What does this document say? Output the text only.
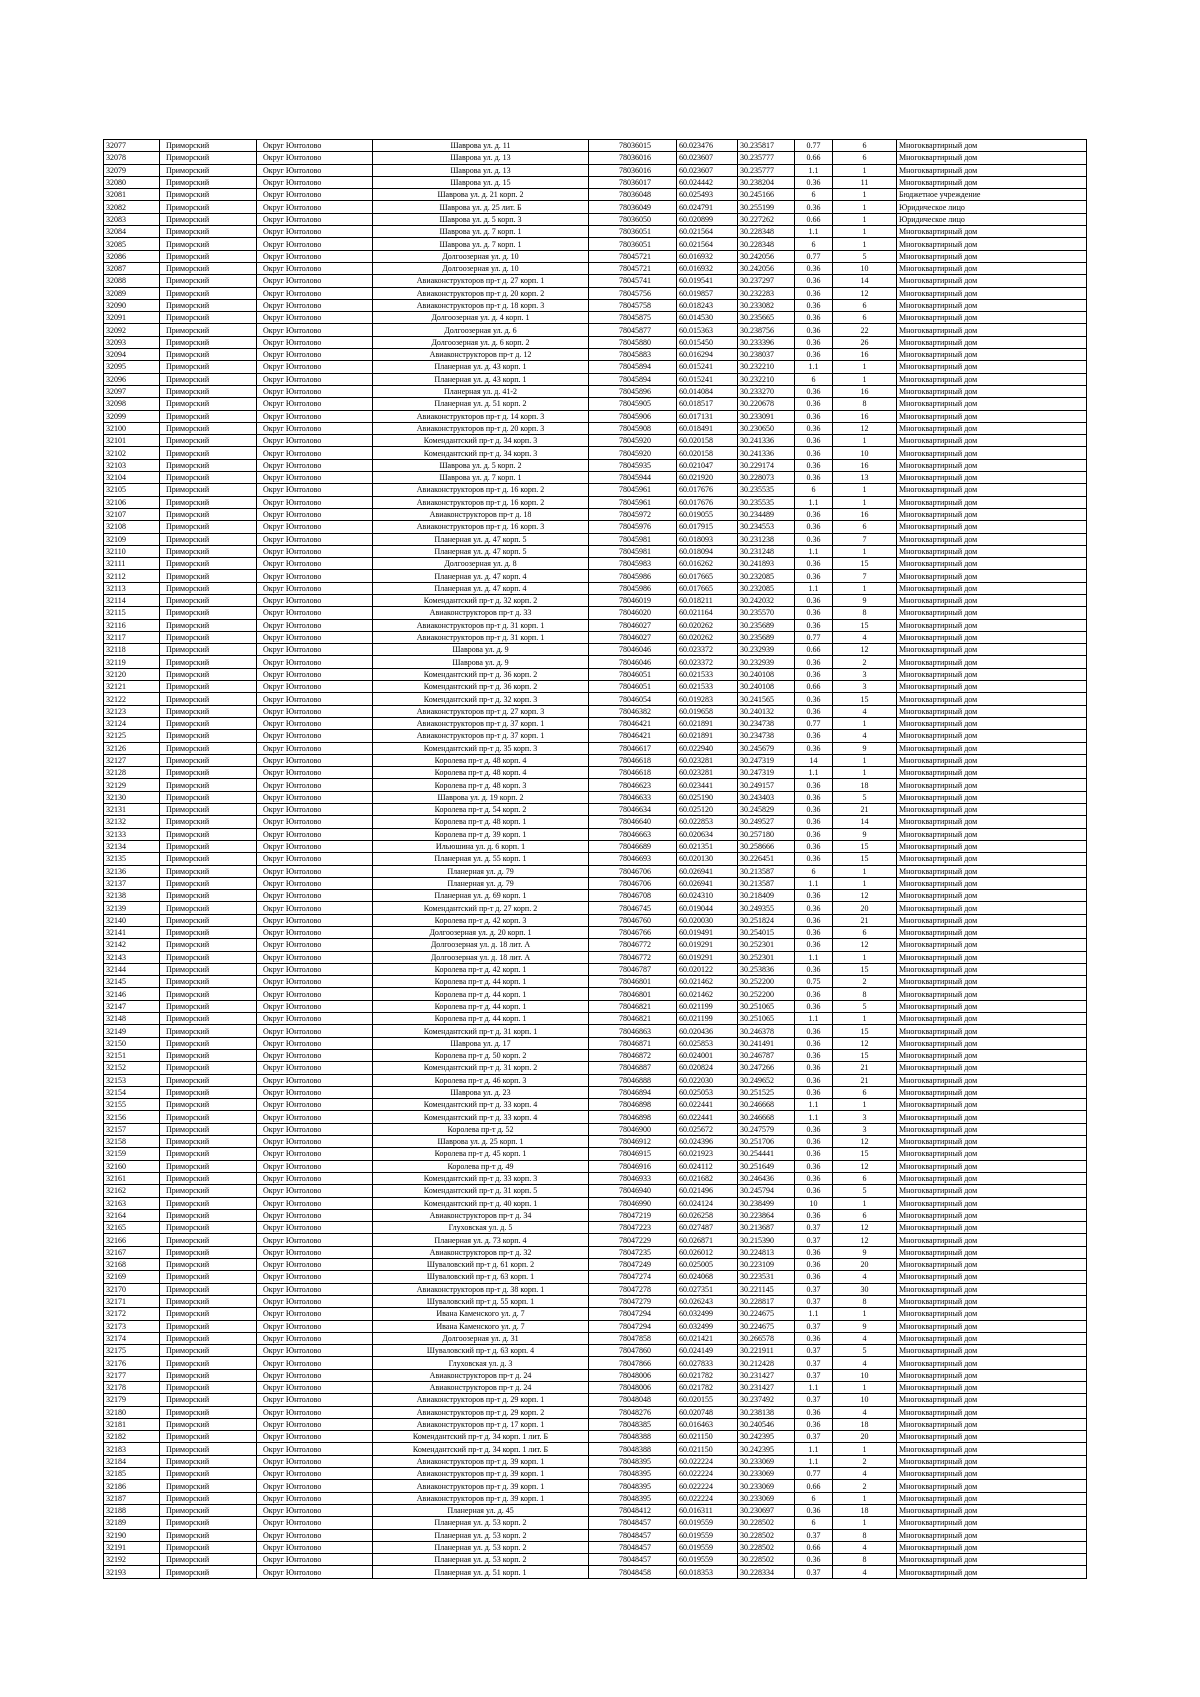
32077	Приморский	Округ Юнтолово	Шаврова ул. д. 11	78036015	60.023476	30.235817	0.77	6	Многоквартирный дом
32078	Приморский	Округ Юнтолово	Шаврова ул. д. 13	78036016	60.023607	30.235777	0.66	6	Многоквартирный дом
32079	Приморский	Округ Юнтолово	Шаврова ул. д. 13	78036016	60.023607	30.235777	1.1	1	Многоквартирный дом
32080	Приморский	Округ Юнтолово	Шаврова ул. д. 15	78036017	60.024442	30.238204	0.36	11	Многоквартирный дом
32081	Приморский	Округ Юнтолово	Шаврова ул. д. 21 корп. 2	78036048	60.025493	30.245166	6	1	Бюджетное учреждение
32082	Приморский	Округ Юнтолово	Шаврова ул. д. 25 лит. Б	78036049	60.024791	30.255199	0.36	1	Юридическое лицо
32083	Приморский	Округ Юнтолово	Шаврова ул. д. 5 корп. 3	78036050	60.020899	30.227262	0.66	1	Юридическое лицо
32084	Приморский	Округ Юнтолово	Шаврова ул. д. 7 корп. 1	78036051	60.021564	30.228348	1.1	1	Многоквартирный дом
32085	Приморский	Округ Юнтолово	Шаврова ул. д. 7 корп. 1	78036051	60.021564	30.228348	6	1	Многоквартирный дом
32086	Приморский	Округ Юнтолово	Долгоозерная ул. д. 10	78045721	60.016932	30.242056	0.77	5	Многоквартирный дом
32087	Приморский	Округ Юнтолово	Долгоозерная ул. д. 10	78045721	60.016932	30.242056	0.36	10	Многоквартирный дом
32088	Приморский	Округ Юнтолово	Авиаконструкторов пр-т д. 27 корп. 1	78045741	60.019541	30.237297	0.36	14	Многоквартирный дом
32089	Приморский	Округ Юнтолово	Авиаконструкторов пр-т д. 20 корп. 2	78045756	60.019857	30.232283	0.36	12	Многоквартирный дом
32090	Приморский	Округ Юнтолово	Авиаконструкторов пр-т д. 18 корп. 3	78045758	60.018243	30.233082	0.36	6	Многоквартирный дом
32091	Приморский	Округ Юнтолово	Долгоозерная ул. д. 4 корп. 1	78045875	60.014530	30.235665	0.36	6	Многоквартирный дом
32092	Приморский	Округ Юнтолово	Долгоозерная ул. д. 6	78045877	60.015363	30.238756	0.36	22	Многоквартирный дом
32093	Приморский	Округ Юнтолово	Долгоозерная ул. д. 6 корп. 2	78045880	60.015450	30.233396	0.36	26	Многоквартирный дом
32094	Приморский	Округ Юнтолово	Авиаконструкторов пр-т д. 12	78045883	60.016294	30.238037	0.36	16	Многоквартирный дом
32095	Приморский	Округ Юнтолово	Планерная ул. д. 43 корп. 1	78045894	60.015241	30.232210	1.1	1	Многоквартирный дом
32096	Приморский	Округ Юнтолово	Планерная ул. д. 43 корп. 1	78045894	60.015241	30.232210	6	1	Многоквартирный дом
32097	Приморский	Округ Юнтолово	Планерная ул. д. 41-2	78045896	60.014084	30.233270	0.36	16	Многоквартирный дом
32098	Приморский	Округ Юнтолово	Планерная ул. д. 51 корп. 2	78045905	60.018517	30.220678	0.36	8	Многоквартирный дом
32099	Приморский	Округ Юнтолово	Авиаконструкторов пр-т д. 14 корп. 3	78045906	60.017131	30.233091	0.36	16	Многоквартирный дом
32100	Приморский	Округ Юнтолово	Авиаконструкторов пр-т д. 20 корп. 3	78045908	60.018491	30.230650	0.36	12	Многоквартирный дом
32101	Приморский	Округ Юнтолово	Комендантский пр-т д. 34 корп. 3	78045920	60.020158	30.241336	0.36	1	Многоквартирный дом
32102	Приморский	Округ Юнтолово	Комендантский пр-т д. 34 корп. 3	78045920	60.020158	30.241336	0.36	10	Многоквартирный дом
32103	Приморский	Округ Юнтолово	Шаврова ул. д. 5 корп. 2	78045935	60.021047	30.229174	0.36	16	Многоквартирный дом
32104	Приморский	Округ Юнтолово	Шаврова ул. д. 7 корп. 1	78045944	60.021920	30.228073	0.36	13	Многоквартирный дом
32105	Приморский	Округ Юнтолово	Авиаконструкторов пр-т д. 16 корп. 2	78045961	60.017676	30.235535	6	1	Многоквартирный дом
32106	Приморский	Округ Юнтолово	Авиаконструкторов пр-т д. 16 корп. 2	78045961	60.017676	30.235535	1.1	1	Многоквартирный дом
32107	Приморский	Округ Юнтолово	Авиаконструкторов пр-т д. 18	78045972	60.019055	30.234489	0.36	16	Многоквартирный дом
32108	Приморский	Округ Юнтолово	Авиаконструкторов пр-т д. 16 корп. 3	78045976	60.017915	30.234553	0.36	6	Многоквартирный дом
32109	Приморский	Округ Юнтолово	Планерная ул. д. 47 корп. 5	78045981	60.018093	30.231238	0.36	7	Многоквартирный дом
32110	Приморский	Округ Юнтолово	Планерная ул. д. 47 корп. 5	78045981	60.018094	30.231248	1.1	1	Многоквартирный дом
32111	Приморский	Округ Юнтолово	Долгоозерная ул. д. 8	78045983	60.016262	30.241893	0.36	15	Многоквартирный дом
32112	Приморский	Округ Юнтолово	Планерная ул. д. 47 корп. 4	78045986	60.017665	30.232085	0.36	7	Многоквартирный дом
32113	Приморский	Округ Юнтолово	Планерная ул. д. 47 корп. 4	78045986	60.017665	30.232085	1.1	1	Многоквартирный дом
32114	Приморский	Округ Юнтолово	Комендантский пр-т д. 32 корп. 2	78046019	60.018211	30.242032	0.36	9	Многоквартирный дом
32115	Приморский	Округ Юнтолово	Авиаконструкторов пр-т д. 33	78046020	60.021164	30.235570	0.36	8	Многоквартирный дом
32116	Приморский	Округ Юнтолово	Авиаконструкторов пр-т д. 31 корп. 1	78046027	60.020262	30.235689	0.36	15	Многоквартирный дом
32117	Приморский	Округ Юнтолово	Авиаконструкторов пр-т д. 31 корп. 1	78046027	60.020262	30.235689	0.77	4	Многоквартирный дом
32118	Приморский	Округ Юнтолово	Шаврова ул. д. 9	78046046	60.023372	30.232939	0.66	12	Многоквартирный дом
32119	Приморский	Округ Юнтолово	Шаврова ул. д. 9	78046046	60.023372	30.232939	0.36	2	Многоквартирный дом
32120	Приморский	Округ Юнтолово	Комендантский пр-т д. 36 корп. 2	78046051	60.021533	30.240108	0.36	3	Многоквартирный дом
32121	Приморский	Округ Юнтолово	Комендантский пр-т д. 36 корп. 2	78046051	60.021533	30.240108	0.66	3	Многоквартирный дом
32122	Приморский	Округ Юнтолово	Комендантский пр-т д. 32 корп. 3	78046054	60.019283	30.241565	0.36	15	Многоквартирный дом
32123	Приморский	Округ Юнтолово	Авиаконструкторов пр-т д. 27 корп. 3	78046382	60.019658	30.240132	0.36	4	Многоквартирный дом
32124	Приморский	Округ Юнтолово	Авиаконструкторов пр-т д. 37 корп. 1	78046421	60.021891	30.234738	0.77	1	Многоквартирный дом
32125	Приморский	Округ Юнтолово	Авиаконструкторов пр-т д. 37 корп. 1	78046421	60.021891	30.234738	0.36	4	Многоквартирный дом
32126	Приморский	Округ Юнтолово	Комендантский пр-т д. 35 корп. 3	78046617	60.022940	30.245679	0.36	9	Многоквартирный дом
32127	Приморский	Округ Юнтолово	Королева пр-т д. 48 корп. 4	78046618	60.023281	30.247319	14	1	Многоквартирный дом
32128	Приморский	Округ Юнтолово	Королева пр-т д. 48 корп. 4	78046618	60.023281	30.247319	1.1	1	Многоквартирный дом
32129	Приморский	Округ Юнтолово	Королева пр-т д. 48 корп. 3	78046623	60.023441	30.249157	0.36	18	Многоквартирный дом
32130	Приморский	Округ Юнтолово	Шаврова ул. д. 19 корп. 2	78046633	60.025190	30.243403	0.36	5	Многоквартирный дом
32131	Приморский	Округ Юнтолово	Королева пр-т д. 54 корп. 2	78046634	60.025120	30.245829	0.36	21	Многоквартирный дом
32132	Приморский	Округ Юнтолово	Королева пр-т д. 48 корп. 1	78046640	60.022853	30.249527	0.36	14	Многоквартирный дом
32133	Приморский	Округ Юнтолово	Королева пр-т д. 39 корп. 1	78046663	60.020634	30.257180	0.36	9	Многоквартирный дом
32134	Приморский	Округ Юнтолово	Ильюшина ул. д. 6 корп. 1	78046689	60.021351	30.258666	0.36	15	Многоквартирный дом
32135	Приморский	Округ Юнтолово	Планерная ул. д. 55 корп. 1	78046693	60.020130	30.226451	0.36	15	Многоквартирный дом
32136	Приморский	Округ Юнтолово	Планерная ул. д. 79	78046706	60.026941	30.213587	6	1	Многоквартирный дом
32137	Приморский	Округ Юнтолово	Планерная ул. д. 79	78046706	60.026941	30.213587	1.1	1	Многоквартирный дом
32138	Приморский	Округ Юнтолово	Планерная ул. д. 69 корп. 1	78046708	60.024310	30.218409	0.36	12	Многоквартирный дом
32139	Приморский	Округ Юнтолово	Комендантский пр-т д. 27 корп. 2	78046745	60.019044	30.249355	0.36	20	Многоквартирный дом
32140	Приморский	Округ Юнтолово	Королева пр-т д. 42 корп. 3	78046760	60.020030	30.251824	0.36	21	Многоквартирный дом
32141	Приморский	Округ Юнтолово	Долгоозерная ул. д. 20 корп. 1	78046766	60.019491	30.254015	0.36	6	Многоквартирный дом
32142	Приморский	Округ Юнтолово	Долгоозерная ул. д. 18 лит. А	78046772	60.019291	30.252301	0.36	12	Многоквартирный дом
32143	Приморский	Округ Юнтолово	Долгоозерная ул. д. 18 лит. А	78046772	60.019291	30.252301	1.1	1	Многоквартирный дом
32144	Приморский	Округ Юнтолово	Королева пр-т д. 42 корп. 1	78046787	60.020122	30.253836	0.36	15	Многоквартирный дом
32145	Приморский	Округ Юнтолово	Королева пр-т д. 44 корп. 1	78046801	60.021462	30.252200	0.75	2	Многоквартирный дом
32146	Приморский	Округ Юнтолово	Королева пр-т д. 44 корп. 1	78046801	60.021462	30.252200	0.36	8	Многоквартирный дом
32147	Приморский	Округ Юнтолово	Королева пр-т д. 44 корп. 1	78046821	60.021199	30.251065	0.36	5	Многоквартирный дом
32148	Приморский	Округ Юнтолово	Королева пр-т д. 44 корп. 1	78046821	60.021199	30.251065	1.1	1	Многоквартирный дом
32149	Приморский	Округ Юнтолово	Комендантский пр-т д. 31 корп. 1	78046863	60.020436	30.246378	0.36	15	Многоквартирный дом
32150	Приморский	Округ Юнтолово	Шаврова ул. д. 17	78046871	60.025853	30.241491	0.36	12	Многоквартирный дом
32151	Приморский	Округ Юнтолово	Королева пр-т д. 50 корп. 2	78046872	60.024001	30.246787	0.36	15	Многоквартирный дом
32152	Приморский	Округ Юнтолово	Комендантский пр-т д. 31 корп. 2	78046887	60.020824	30.247266	0.36	21	Многоквартирный дом
32153	Приморский	Округ Юнтолово	Королева пр-т д. 46 корп. 3	78046888	60.022030	30.249652	0.36	21	Многоквартирный дом
32154	Приморский	Округ Юнтолово	Шаврова ул. д. 23	78046894	60.025053	30.251525	0.36	6	Многоквартирный дом
32155	Приморский	Округ Юнтолово	Комендантский пр-т д. 33 корп. 4	78046898	60.022441	30.246668	1.1	1	Многоквартирный дом
32156	Приморский	Округ Юнтолово	Комендантский пр-т д. 33 корп. 4	78046898	60.022441	30.246668	1.1	3	Многоквартирный дом
32157	Приморский	Округ Юнтолово	Королева пр-т д. 52	78046900	60.025672	30.247579	0.36	3	Многоквартирный дом
32158	Приморский	Округ Юнтолово	Шаврова ул. д. 25 корп. 1	78046912	60.024396	30.251706	0.36	12	Многоквартирный дом
32159	Приморский	Округ Юнтолово	Королева пр-т д. 45 корп. 1	78046915	60.021923	30.254441	0.36	15	Многоквартирный дом
32160	Приморский	Округ Юнтолово	Королева пр-т д. 49	78046916	60.024112	30.251649	0.36	12	Многоквартирный дом
32161	Приморский	Округ Юнтолово	Комендантский пр-т д. 33 корп. 3	78046933	60.021682	30.246436	0.36	6	Многоквартирный дом
32162	Приморский	Округ Юнтолово	Комендантский пр-т д. 31 корп. 5	78046940	60.021496	30.245794	0.36	5	Многоквартирный дом
32163	Приморский	Округ Юнтолово	Комендантский пр-т д. 40 корп. 1	78046990	60.024124	30.238499	10	1	Многоквартирный дом
32164	Приморский	Округ Юнтолово	Авиаконструкторов пр-т д. 34	78047219	60.026258	30.223864	0.36	6	Многоквартирный дом
32165	Приморский	Округ Юнтолово	Глуховская ул. д. 5	78047223	60.027487	30.213687	0.37	12	Многоквартирный дом
32166	Приморский	Округ Юнтолово	Планерная ул. д. 73 корп. 4	78047229	60.026871	30.215390	0.37	12	Многоквартирный дом
32167	Приморский	Округ Юнтолово	Авиаконструкторов пр-т д. 32	78047235	60.026012	30.224813	0.36	9	Многоквартирный дом
32168	Приморский	Округ Юнтолово	Шуваловский пр-т д. 61 корп. 2	78047249	60.025005	30.223109	0.36	20	Многоквартирный дом
32169	Приморский	Округ Юнтолово	Шуваловский пр-т д. 63 корп. 1	78047274	60.024068	30.223531	0.36	4	Многоквартирный дом
32170	Приморский	Округ Юнтолово	Авиаконструкторов пр-т д. 38 корп. 1	78047278	60.027351	30.221145	0.37	30	Многоквартирный дом
32171	Приморский	Округ Юнтолово	Шуваловский пр-т д. 55 корп. 1	78047279	60.026243	30.228817	0.37	8	Многоквартирный дом
32172	Приморский	Округ Юнтолово	Ивана Каменского ул. д. 7	78047294	60.032499	30.224675	1.1	1	Многоквартирный дом
32173	Приморский	Округ Юнтолово	Ивана Каменского ул. д. 7	78047294	60.032499	30.224675	0.37	9	Многоквартирный дом
32174	Приморский	Округ Юнтолово	Долгоозерная ул. д. 31	78047858	60.021421	30.266578	0.36	4	Многоквартирный дом
32175	Приморский	Округ Юнтолово	Шуваловский пр-т д. 63 корп. 4	78047860	60.024149	30.221911	0.37	5	Многоквартирный дом
32176	Приморский	Округ Юнтолово	Глуховская ул. д. 3	78047866	60.027833	30.212428	0.37	4	Многоквартирный дом
32177	Приморский	Округ Юнтолово	Авиаконструкторов пр-т д. 24	78048006	60.021782	30.231427	0.37	10	Многоквартирный дом
32178	Приморский	Округ Юнтолово	Авиаконструкторов пр-т д. 24	78048006	60.021782	30.231427	1.1	1	Многоквартирный дом
32179	Приморский	Округ Юнтолово	Авиаконструкторов пр-т д. 29 корп. 1	78048048	60.020155	30.237492	0.37	10	Многоквартирный дом
32180	Приморский	Округ Юнтолово	Авиаконструкторов пр-т д. 29 корп. 2	78048276	60.020748	30.238138	0.36	4	Многоквартирный дом
32181	Приморский	Округ Юнтолово	Авиаконструкторов пр-т д. 17 корп. 1	78048385	60.016463	30.240546	0.36	18	Многоквартирный дом
32182	Приморский	Округ Юнтолово	Комендантский пр-т д. 34 корп. 1 лит. Б	78048388	60.021150	30.242395	0.37	20	Многоквартирный дом
32183	Приморский	Округ Юнтолово	Комендантский пр-т д. 34 корп. 1 лит. Б	78048388	60.021150	30.242395	1.1	1	Многоквартирный дом
32184	Приморский	Округ Юнтолово	Авиаконструкторов пр-т д. 39 корп. 1	78048395	60.022224	30.233069	1.1	2	Многоквартирный дом
32185	Приморский	Округ Юнтолово	Авиаконструкторов пр-т д. 39 корп. 1	78048395	60.022224	30.233069	0.77	4	Многоквартирный дом
32186	Приморский	Округ Юнтолово	Авиаконструкторов пр-т д. 39 корп. 1	78048395	60.022224	30.233069	0.66	2	Многоквартирный дом
32187	Приморский	Округ Юнтолово	Авиаконструкторов пр-т д. 39 корп. 1	78048395	60.022224	30.233069	6	1	Многоквартирный дом
32188	Приморский	Округ Юнтолово	Планерная ул. д. 45	78048412	60.016311	30.230697	0.36	18	Многоквартирный дом
32189	Приморский	Округ Юнтолово	Планерная ул. д. 53 корп. 2	78048457	60.019559	30.228502	6	1	Многоквартирный дом
32190	Приморский	Округ Юнтолово	Планерная ул. д. 53 корп. 2	78048457	60.019559	30.228502	0.37	8	Многоквартирный дом
32191	Приморский	Округ Юнтолово	Планерная ул. д. 53 корп. 2	78048457	60.019559	30.228502	0.66	4	Многоквартирный дом
32192	Приморский	Округ Юнтолово	Планерная ул. д. 53 корп. 2	78048457	60.019559	30.228502	0.36	8	Многоквартирный дом
32193	Приморский	Округ Юнтолово	Планерная ул. д. 51 корп. 1	78048458	60.018353	30.228334	0.37	4	Многоквартирный дом
